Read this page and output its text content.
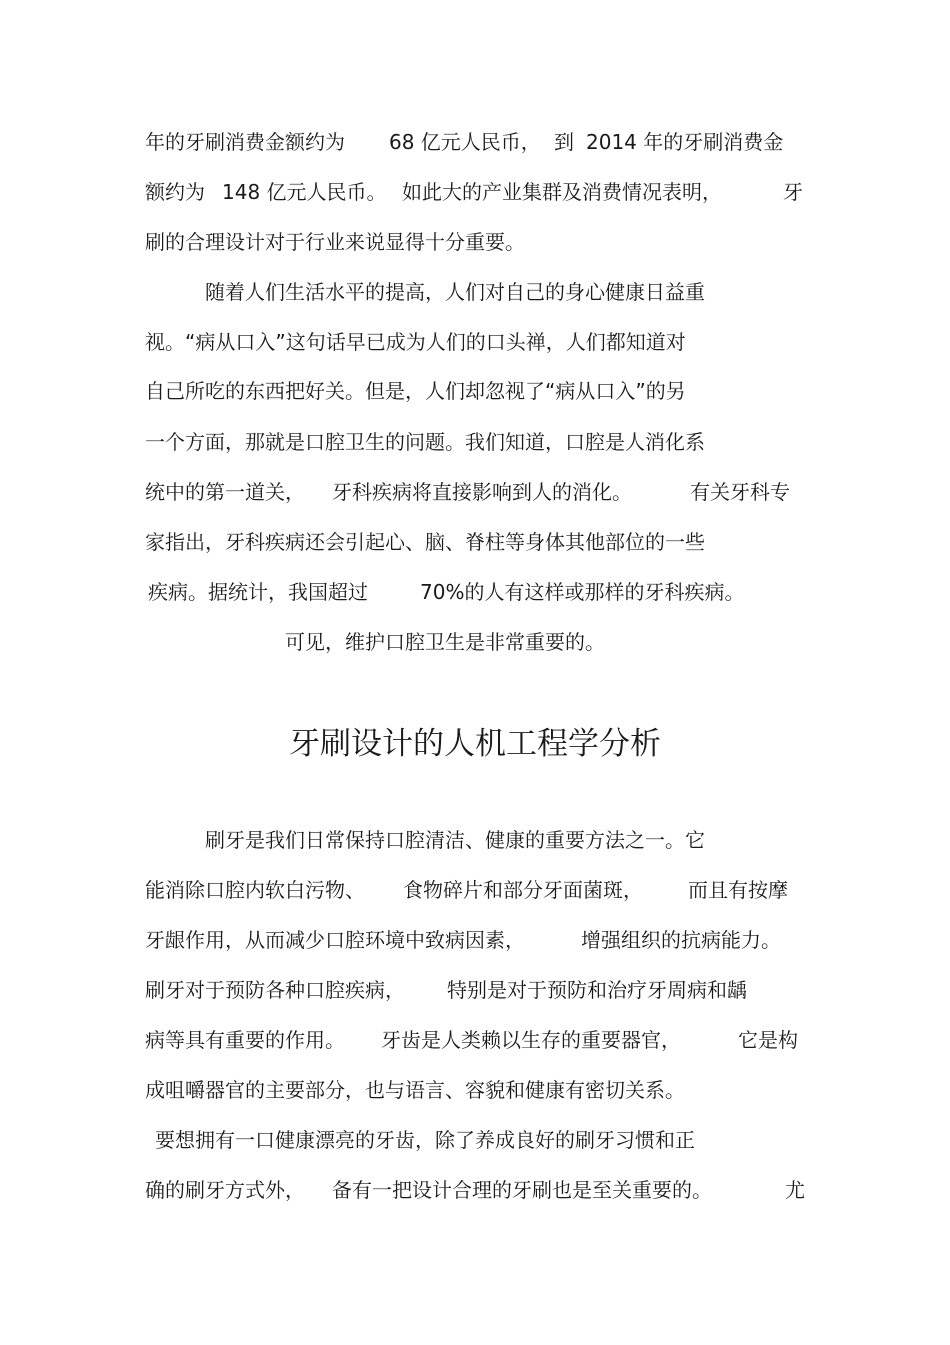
年的牙刷消费金额约为 68 亿元人民币， 到 2014 年的牙刷消费金
额约为 148 亿元人民币。 如此大的产业集群及消费情况表明，	牙
刷的合理设计对于行业来说显得十分重要。
随着人们生活水平的提高，人们对自己的身心健康日益重
视。“病从口入”这句话早已成为人们的口头禅，人们都知道对
自己所吃的东西把好关。但是，人们却忽视了“病从口入”的另
一个方面，那就是口腔卫生的问题。我们知道，口腔是人消化系
统中的第一道关， 牙科疾病将直接影响到人的消化。	有关牙科专
家指出，牙科疾病还会引起心、脑、脊柱等身体其他部位的一些
疾病。据统计，我国超过	70%的人有这样或那样的牙科疾病。
可见，维护口腔卫生是非常重要的。
牙刷设计的人机工程学分析
刷牙是我们日常保持口腔清洁、健康的重要方法之一。它
能消除口腔内软白污物、 食物碎片和部分牙面菌斑， 而且有按摩
牙龈作用，从而减少口腔环境中致病因素，	增强组织的抗病能力。
刷牙对于预防各种口腔疾病， 特别是对于预防和治疗牙周病和龋
病等具有重要的作用。 牙齿是人类赖以生存的重要器官，	它是构
成咀嚼器官的主要部分，也与语言、容貌和健康有密切关系。
要想拥有一口健康漂亮的牙齿，除了养成良好的刷牙习惯和正
确的刷牙方式外， 备有一把设计合理的牙刷也是至关重要的。	尤
